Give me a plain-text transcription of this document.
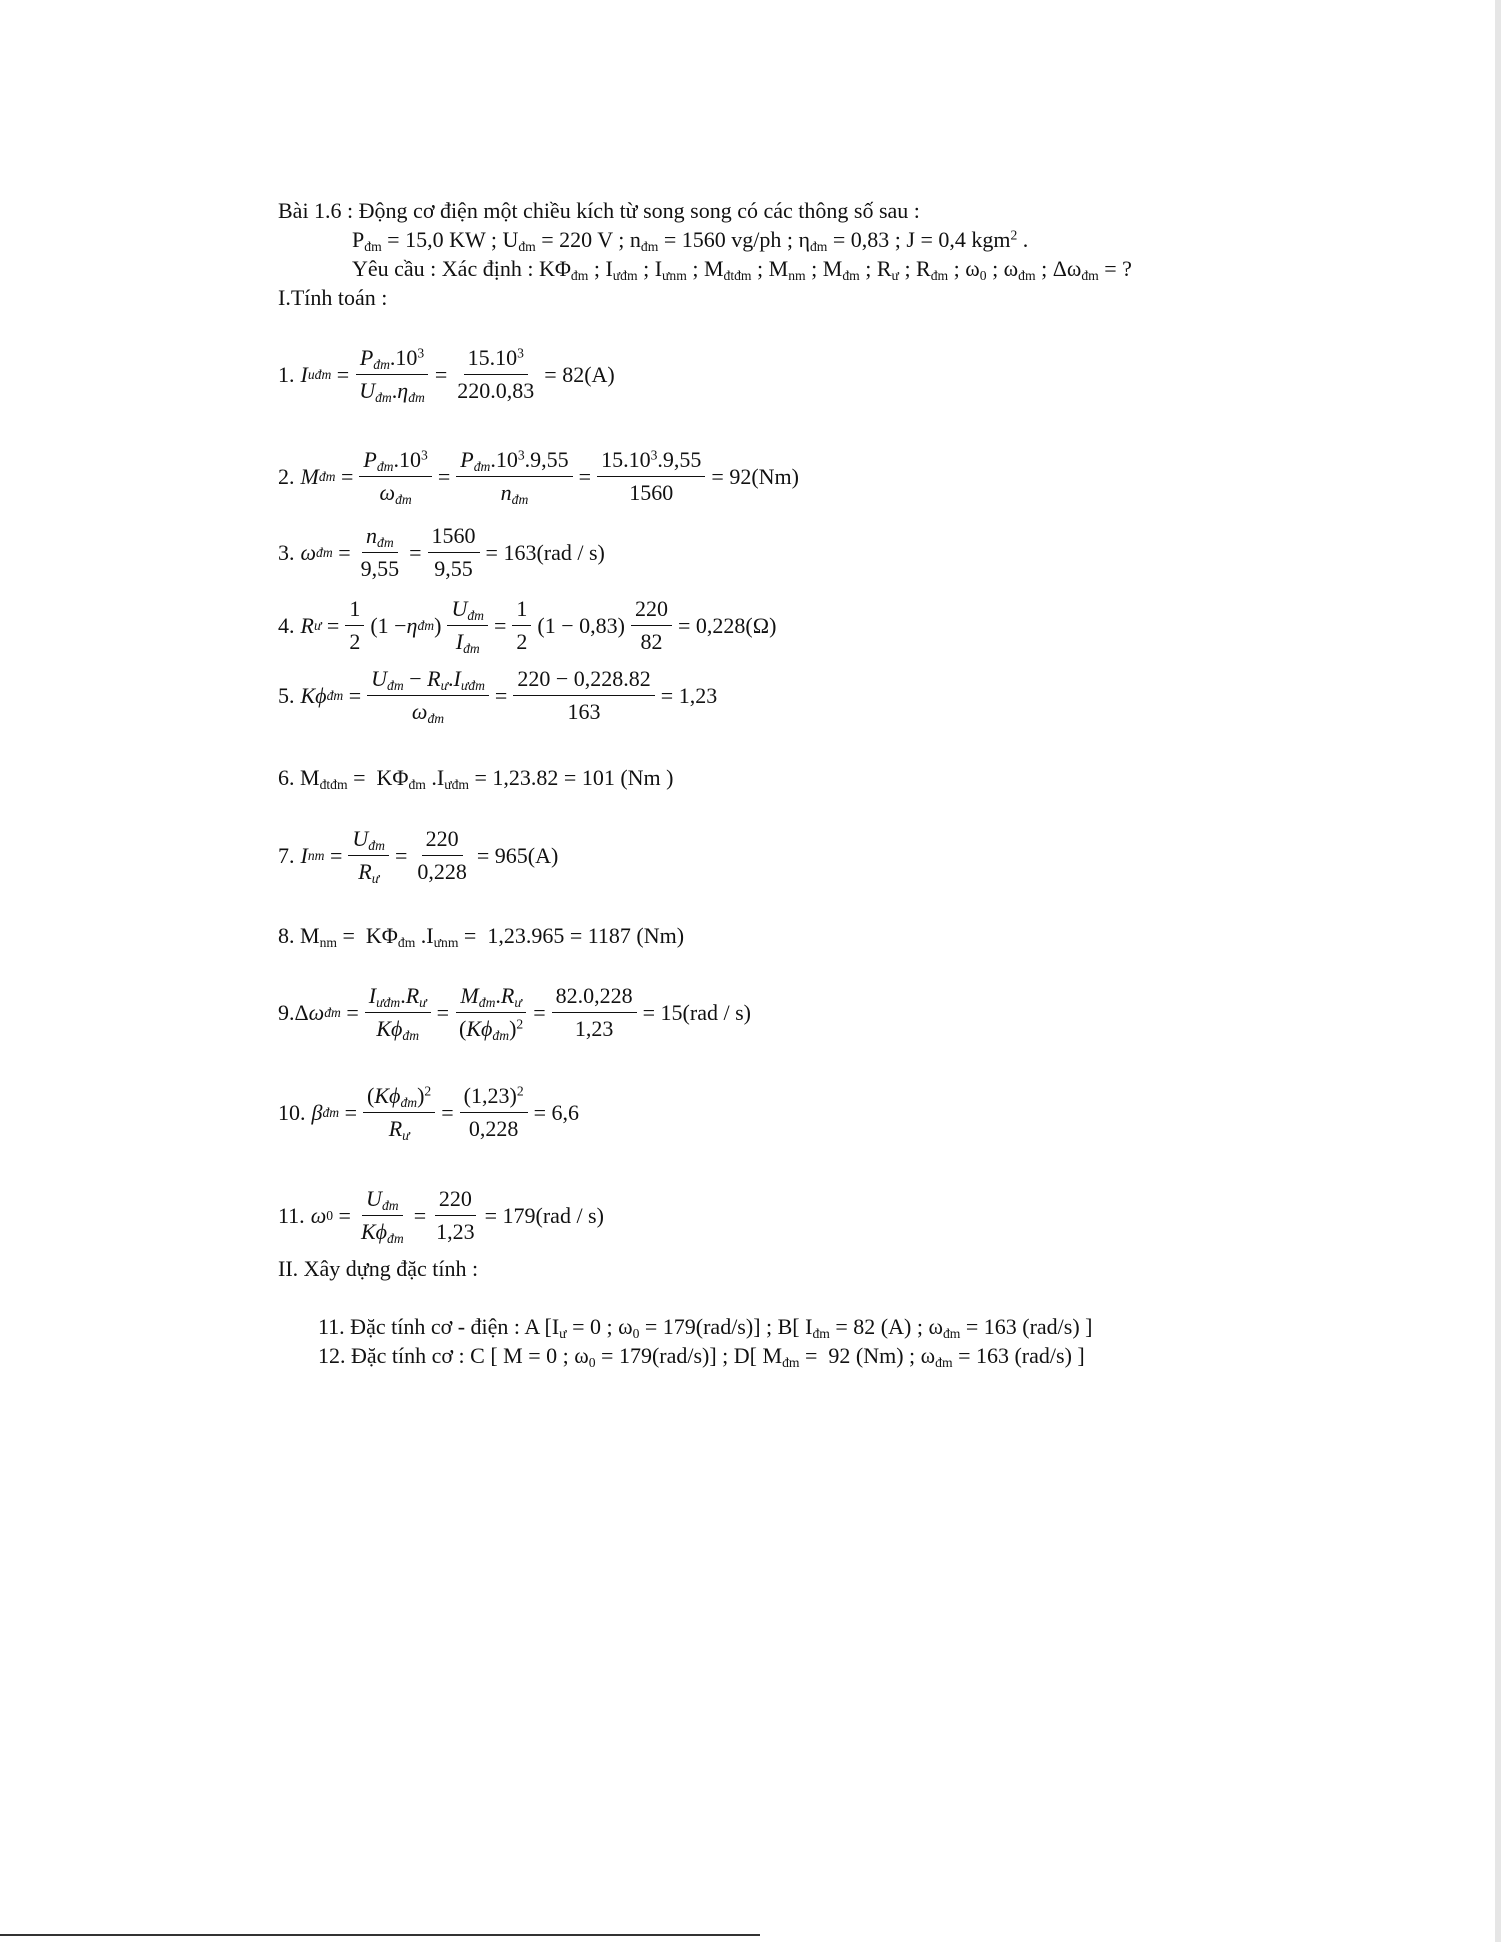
Bài 1.6 : Động cơ điện một chiều kích từ song song có các thông số sau :
$P_{đm} = 15,0$ KW ; $U_{đm} = 220$ V ; $n_{đm} = 1560$ vg/ph ; $\eta_{đm} = 0,83$ ; J = 0,4 kgm$^2$ .
Yêu cầu : Xác định : $K\Phi_{đm}$ ; $I_{ưđm}$ ; $I_{ưnm}$ ; $M_{đtđm}$ ; $M_{nm}$ ; $M_{đm}$ ; $R_ư$ ; $R_{đm}$ ; $\omega_0$ ; $\omega_{đm}$ ; $\Delta\omega_{đm}$ = ?
I.Tính toán :
1. I uđm = $\frac{P_{đm}.10^3}{U_{đm}.\eta_{đm}} = \frac{15.10^3}{220.0,83} = 82(A)$
2. M đm = $\frac{P_{đm}.10^3}{\omega_{đm}} = \frac{P_{đm}.10^3.9,55}{n_{đm}} = \frac{15.10^3.9,55}{1560} = 92(Nm)$
3. ω đm = $\frac{n_{đm}}{9,55} = \frac{1560}{9,55} = 163(rad / s)$
4. R ư = $\frac{1}{2} (1 - \eta$ đm ) $\frac{U_{đm}}{I_{đm}} = \frac{1}{2} (1 - 0,83) \frac{220}{82} = 0,228(\Omega)$
5. Kϕ đm = $\frac{U_{đm} - R_ư.I_{ưđm}}{\omega_{đm}} = \frac{220 - 0,228.82}{163} = 1,23$
6. $M_{đtđm} = K\Phi_{đm}$ $.I_{ưđm} = 1,23.82 = 101$ (Nm )
7. I nm = $\frac{U_{đm}}{R_ư} = \frac{220}{0,228} = 965(A)$
8. $M_{nm} = K\Phi_{đm}$ $.I_{ưnm} = 1,23.965 = 1187$ (Nm)
9. Δ ω đm = $\frac{I_{ưđm}.R_ư}{K\phi_{đm}} = \frac{M_{đm}.R_ư}{(K\phi_{đm})^2} = \frac{82.0,228}{1,23} = 15(rad / s)$
10. β đm = $\frac{(K\phi_{đm})^2}{R_ư} = \frac{(1,23)^2}{0,228} = 6,6$
11. ω $0 = \frac{U_{đm}}{K\phi_{đm}} = \frac{220}{1,23} = 179(rad / s)$
II. Xây dựng đặc tính :
11. Đặc tính cơ - điện : A [$I_ư = 0$ ; $\omega_0 = 179(rad/s)$] ; B[ $I_{đm} = 82$ (A) ; $\omega_{đm} = 163$ (rad/s) ]
12. Đặc tính cơ : C [ M = 0 ; $\omega_0 = 179(rad/s)$] ; D[ $M_{đm} = 92$ (Nm) ; $\omega_{đm} = 163$ (rad/s) ]
